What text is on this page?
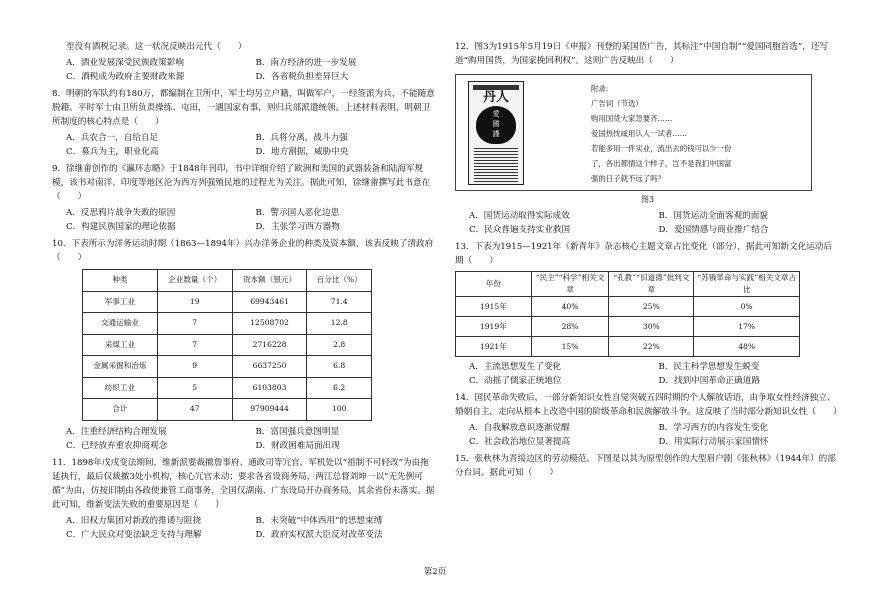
至没有酒税记录。这一状况反映出元代（　　）

A．酒业发展深受民族政策影响	B．南方经济的进一步发展
C．酒税成为政府主要财政来源	D．各省税负担差异巨大

8．明朝的军队约有180万，都编制在卫所中，军士均另立户籍，叫做军户，一经签派为兵，不能随意脱籍。平时军士由卫所负责操练、屯田，一遇国家有事，则归兵部派遣统领。上述材料表明，明朝卫所制度的核心特点是（　　）

A．兵农合一，自给自足	B．兵将分离，战斗力强
C．募兵为主，职业化高	D．地方割据，威胁中央

9．徐继畬创作的《瀛环志略》于1848年刊印，书中详细介绍了欧洲和美国的武器装备和陆海军规模，该书对南洋、印度等地区沦为西方列强殖民地的过程尤为关注。据此可知，徐继畬撰写此书意在（　　）

A．反思鸦片战争失败的原因	B．警示国人恶化边患
C．构建民族国家的理论依据	D．主张学习西方器物

10．下表所示为洋务运动时期（1863—1894年）兴办洋务企业的种类及资本额，该表反映了清政府（　　）

种类	企业数量（个）	资本额（银元）	百分比（%）
军事工业	19	69943461	71.4
交通运输业	7	12508702	12.8
采煤工业	7	2716228	2.8
金属采掘和冶炼	9	6637250	6.8
纺织工业	5	6103803	6.2
合计	47	97909444	100
A．注重经济结构合理发展	B．富国强兵意图明显
C．已经放弃重农抑商观念	D．财政困难局面出现

11．1898年戊戌变法期间，维新派要裁撤詹事府、通政司等冗官，军机处以“祖制不可轻改”为由拖延执行，最后仅裁撤3处小机构，核心冗官未动；要求各省设商务局，两江总督刘坤一以“无先例可循”为由，仿按旧制由各政使兼管工商事务，全国仅湖南、广东设局开办商务局，其余省份未落实。据此可知，维新变法失败的重要原因是（　　）

A．旧权力集团对新政的推诿与阻挠	B．未突破“中体西用”的思想束缚
C．广大民众对变法缺乏支持与理解	D．政府实权派大臣反对改革变法

12．图3为1915年5月19日《申报》刊登的某国货广告，其标注“中国自制”“爱国同胞首选”，还写道“购用国货，为国家挽回利权”。这则广告反映出（　　）

丹人
愛
國
謹
附录:
广告词（节选）
购用国货大家急要齐……
爱国热忱咸用认人一试者……
若能多用一件实业，流出去的钱可以少一份
了，各出都情这个样子，岂不是我们中国富
强的日子就不远了吗？

图3

A．国货运动取得实际成效	B．国货运动全面客观的面貌
C．民众普遍支持实业救国	D．爱国情感与商业推广结合

13．下表为1915—1921年《新青年》杂志核心主题文章占比变化（部分），据此可知新文化运动后期（　　）

年份	“民主”“科学”相关文章	“孔教”“旧道德”批判文章	“苏俄革命与实践”相关文章占比
1915年	40%	25%	0%
1919年	28%	30%	17%
1921年	15%	22%	48%
A．主流思想发生了变化	B．民主科学思想发生蜕变
C．动摇了儒家正统地位	D．找到中国革命正确道路

14．国民革命失败后，一部分新知识女性自觉突破五四时期的个人解放话语，由争取女性经济独立、婚姻自主，走向从根本上改造中国的阶级革命和民族解放斗争。这反映了当时部分新知识女性（　　）

A．自我解放意识逐渐觉醒	B．学习西方的内容发生变化
C．社会政治地位显著提高	D．用实际行动展示家国情怀

15．张秋林为晋绥边区的劳动模范。下图是以其为原型创作的大型眉户剧《张秋林》（1944年）的部分台词。据此可知（　　）

第2页
